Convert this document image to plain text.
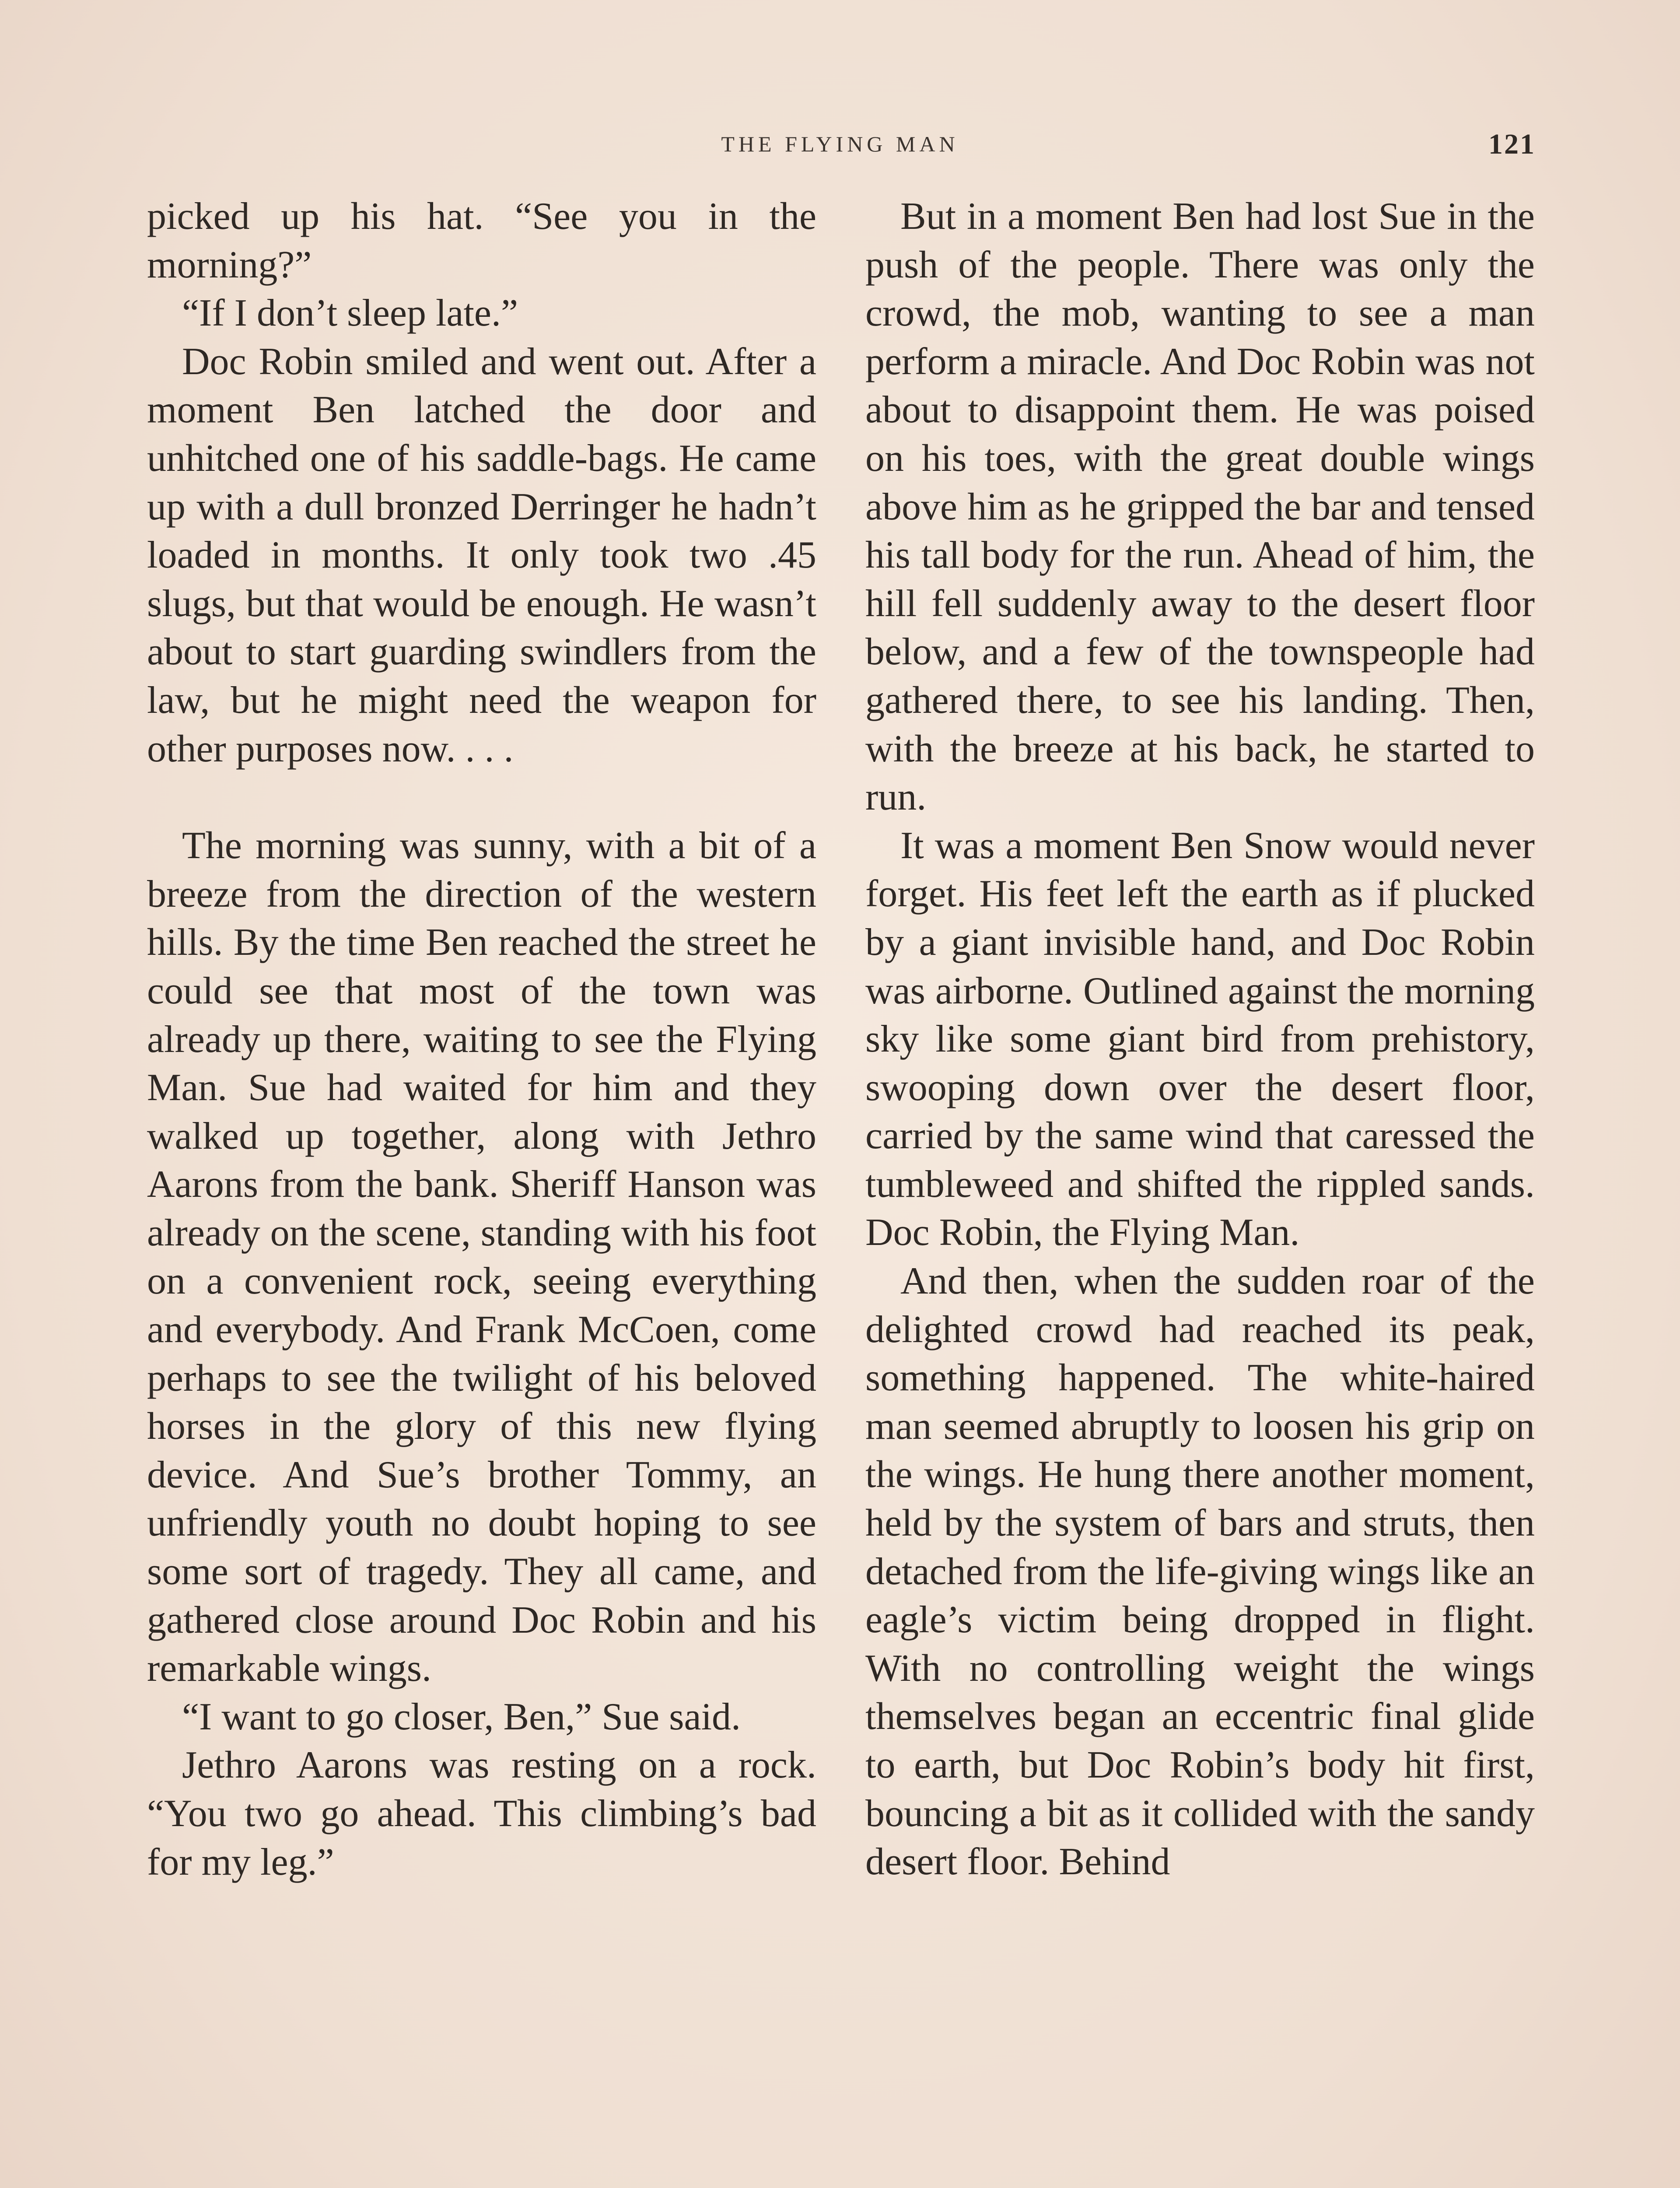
THE FLYING MAN	121

picked up his hat. “See you in the morning?”

“If I don’t sleep late.”

Doc Robin smiled and went out. After a moment Ben latched the door and unhitched one of his saddle-bags. He came up with a dull bronzed Derringer he hadn’t loaded in months. It only took two .45 slugs, but that would be enough. He wasn’t about to start guarding swindlers from the law, but he might need the weapon for other purposes now. . . .

The morning was sunny, with a bit of a breeze from the direction of the western hills. By the time Ben reached the street he could see that most of the town was already up there, waiting to see the Flying Man. Sue had waited for him and they walked up together, along with Jethro Aarons from the bank. Sheriff Hanson was already on the scene, standing with his foot on a convenient rock, seeing everything and everybody. And Frank McCoen, come perhaps to see the twilight of his beloved horses in the glory of this new flying device. And Sue’s brother Tommy, an unfriendly youth no doubt hoping to see some sort of tragedy. They all came, and gathered close around Doc Robin and his remarkable wings.

“I want to go closer, Ben,” Sue said.

Jethro Aarons was resting on a rock. “You two go ahead. This climbing’s bad for my leg.”

But in a moment Ben had lost Sue in the push of the people. There was only the crowd, the mob, wanting to see a man perform a miracle. And Doc Robin was not about to disappoint them. He was poised on his toes, with the great double wings above him as he gripped the bar and tensed his tall body for the run. Ahead of him, the hill fell suddenly away to the desert floor below, and a few of the townspeople had gathered there, to see his landing. Then, with the breeze at his back, he started to run.

It was a moment Ben Snow would never forget. His feet left the earth as if plucked by a giant invisible hand, and Doc Robin was airborne. Outlined against the morning sky like some giant bird from prehistory, swooping down over the desert floor, carried by the same wind that caressed the tumbleweed and shifted the rippled sands. Doc Robin, the Flying Man.

And then, when the sudden roar of the delighted crowd had reached its peak, something happened. The white-haired man seemed abruptly to loosen his grip on the wings. He hung there another moment, held by the system of bars and struts, then detached from the life-giving wings like an eagle’s victim being dropped in flight. With no controlling weight the wings themselves began an eccentric final glide to earth, but Doc Robin’s body hit first, bouncing a bit as it collided with the sandy desert floor. Behind
